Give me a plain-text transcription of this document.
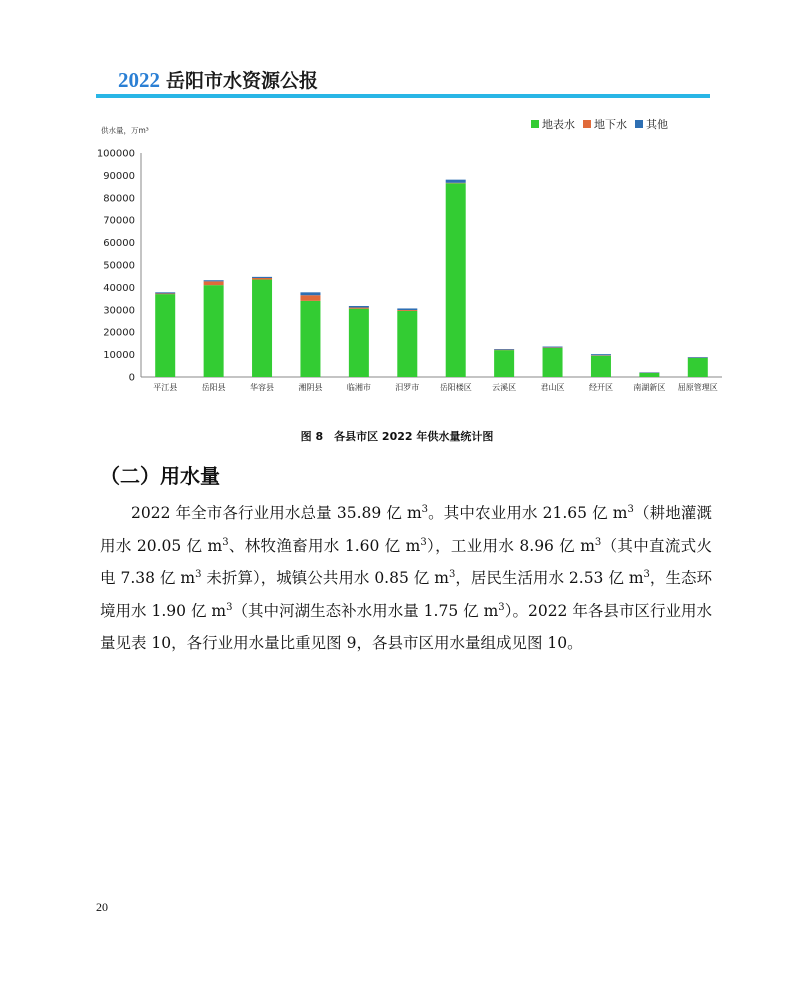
2022 岳阳市水资源公报
供水量，万m³
0
10000
20000
30000
40000
50000
60000
70000
80000
90000
100000
平江县	岳阳县	华容县	湘阴县	临湘市	汨罗市	岳阳楼区	云溪区	君山区	经开区	南湖新区 屈原管理区
地表水 地下水 其他
图 8　各县市区 2022 年供水量统计图
（二）用水量

2022 年全市各行业用水总量 35.89 亿 $m^3$。其中农业用水 21.65 亿 $m^3$（耕地灌溉用水 20.05 亿 $m^3$、林牧渔畜用水 1.60 亿 $m^3$），工业用水 8.96 亿 $m^3$（其中直流式火电 7.38 亿 $m^3$ 未折算），城镇公共用水 0.85 亿 $m^3$，居民生活用水 2.53 亿 $m^3$，生态环境用水 1.90 亿 $m^3$（其中河湖生态补水用水量 1.75 亿 $m^3$）。2022 年各县市区行业用水量见表 10，各行业用水量比重见图 9，各县市区用水量组成见图 10。

20
